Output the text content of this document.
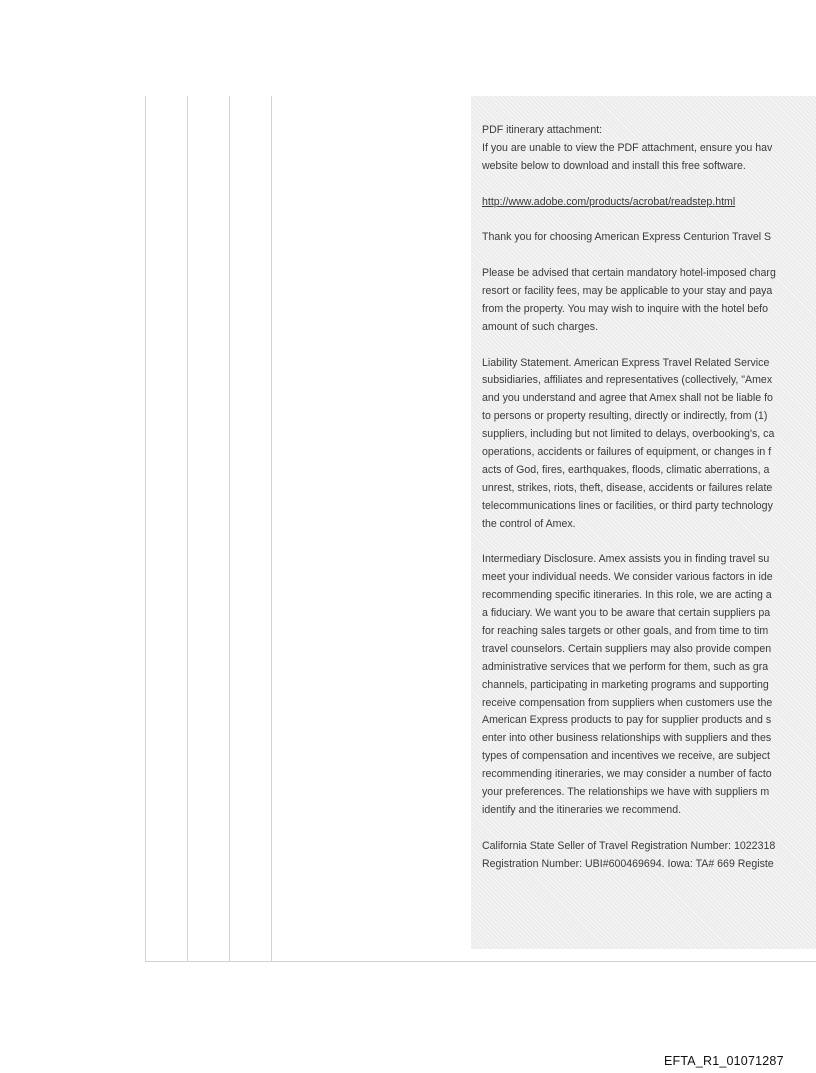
PDF itinerary attachment:
If you are unable to view the PDF attachment, ensure you hav
website below to download and install this free software.
http://www.adobe.com/products/acrobat/readstep.html
Thank you for choosing American Express Centurion Travel S
Please be advised that certain mandatory hotel-imposed charg
resort or facility fees, may be applicable to your stay and paya
from the property. You may wish to inquire with the hotel befo
amount of such charges.
Liability Statement. American Express Travel Related Service
subsidiaries, affiliates and representatives (collectively, "Amex
and you understand and agree that Amex shall not be liable fo
to persons or property resulting, directly or indirectly, from (1)
suppliers, including but not limited to delays, overbooking's, ca
operations, accidents or failures of equipment, or changes in f
acts of God, fires, earthquakes, floods, climatic aberrations, a
unrest, strikes, riots, theft, disease, accidents or failures relate
telecommunications lines or facilities, or third party technology
the control of Amex.
Intermediary Disclosure. Amex assists you in finding travel su
meet your individual needs. We consider various factors in ide
recommending specific itineraries. In this role, we are acting a
a fiduciary. We want you to be aware that certain suppliers pa
for reaching sales targets or other goals, and from time to tim
travel counselors. Certain suppliers may also provide compen
administrative services that we perform for them, such as gra
channels, participating in marketing programs and supporting
receive compensation from suppliers when customers use the
American Express products to pay for supplier products and s
enter into other business relationships with suppliers and thes
types of compensation and incentives we receive, are subject
recommending itineraries, we may consider a number of facto
your preferences. The relationships we have with suppliers m
identify and the itineraries we recommend.
California State Seller of Travel Registration Number: 1022318
Registration Number: UBI#600469694. Iowa: TA# 669 Registe
EFTA_R1_01071287
